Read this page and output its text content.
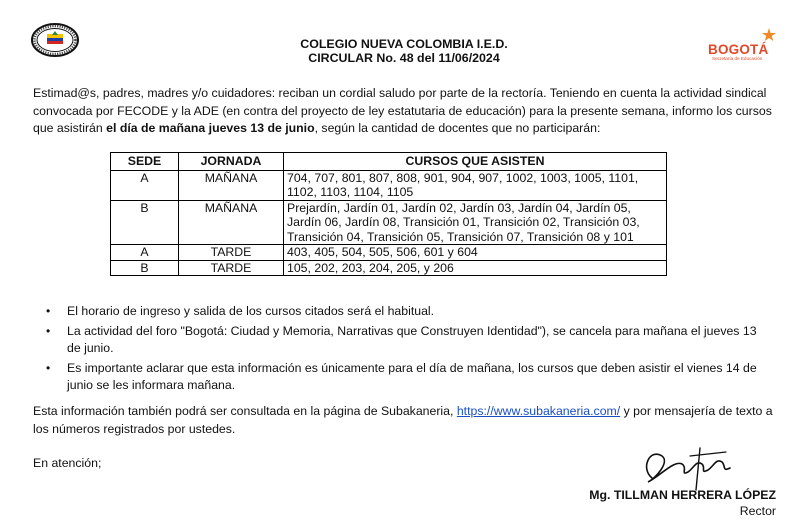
BOGOTÁ
Secretaría de Educación
COLEGIO NUEVA COLOMBIA I.E.D.
CIRCULAR No. 48 del 11/06/2024
Estimad@s, padres, madres y/o cuidadores: reciban un cordial saludo por parte de la rectoría. Teniendo en cuenta la actividad sindical convocada por FECODE y la ADE (en contra del proyecto de ley estatutaria de educación) para la presente semana, informo los cursos que asistirán el día de mañana jueves 13 de junio, según la cantidad de docentes que no participarán:
SEDE	JORNADA	CURSOS QUE ASISTEN
A	MAÑANA	704, 707, 801, 807, 808, 901, 904, 907, 1002, 1003, 1005, 1101, 1102, 1103, 1104, 1105
B	MAÑANA	Prejardín, Jardín 01, Jardín 02, Jardín 03, Jardín 04, Jardín 05, Jardín 06, Jardín 08, Transición 01, Transición 02, Transición 03, Transición 04, Transición 05, Transición 07, Transición 08 y 101
A	TARDE	403, 405, 504, 505, 506, 601 y 604
B	TARDE	105, 202, 203, 204, 205, y 206
• El horario de ingreso y salida de los cursos citados será el habitual.
• La actividad del foro "Bogotá: Ciudad y Memoria, Narrativas que Construyen Identidad"), se cancela para mañana el jueves 13 de junio.
• Es importante aclarar que esta información es únicamente para el día de mañana, los cursos que deben asistir el vienes 14 de junio se les informara mañana.
Esta información también podrá ser consultada en la página de Subakaneria, https://www.subakaneria.com/ y por mensajería de texto a los números registrados por ustedes.
En atención;
Mg. TILLMAN HERRERA LÓPEZ
Rector
